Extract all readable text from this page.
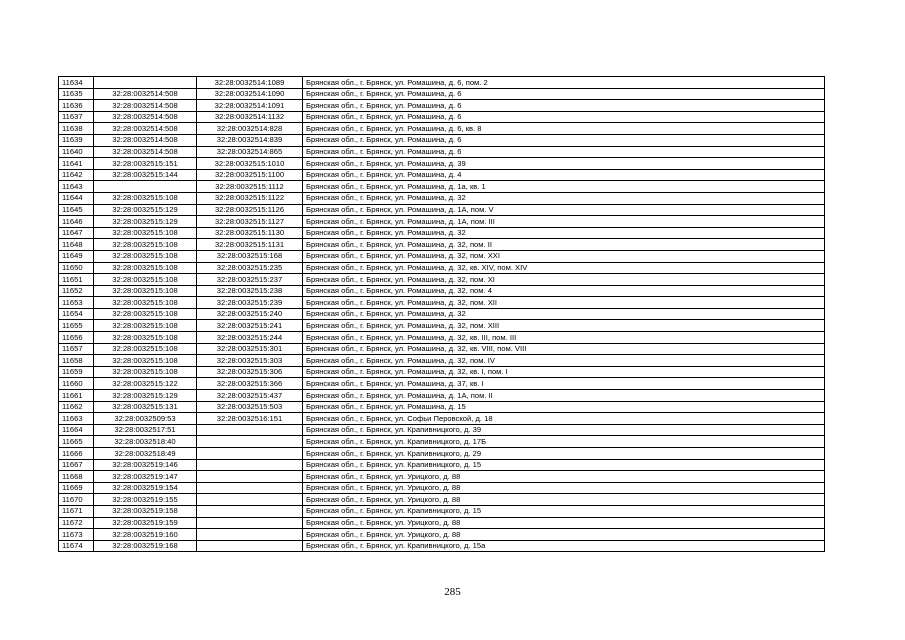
11634		32:28:0032514:1089	Брянская обл., г. Брянск, ул. Ромашина, д. 6, пом. 2
11635	32:28:0032514:508	32:28:0032514:1090	Брянская обл., г. Брянск, ул. Ромашина, д. 6
11636	32:28:0032514:508	32:28:0032514:1091	Брянская обл., г. Брянск, ул. Ромашина, д. 6
11637	32:28:0032514:508	32:28:0032514:1132	Брянская обл., г. Брянск, ул. Ромашина, д. 6
11638	32:28:0032514:508	32:28:0032514:828	Брянская обл., г. Брянск, ул. Ромашина, д. 6, кв. 8
11639	32:28:0032514:508	32:28:0032514:839	Брянская обл., г. Брянск, ул. Ромашина, д. 6
11640	32:28:0032514:508	32:28:0032514:865	Брянская обл., г. Брянск, ул. Ромашина, д. 6
11641	32:28:0032515:151	32:28:0032515:1010	Брянская обл., г. Брянск, ул. Ромашина, д. 39
11642	32:28:0032515:144	32:28:0032515:1100	Брянская обл., г. Брянск, ул. Ромашина, д. 4
11643		32:28:0032515:1112	Брянская обл., г. Брянск, ул. Ромашина, д. 1а, кв. 1
11644	32:28:0032515:108	32:28:0032515:1122	Брянская обл., г. Брянск, ул. Ромашина, д. 32
11645	32:28:0032515:129	32:28:0032515:1126	Брянская обл., г. Брянск, ул. Ромашина, д. 1А, пом. V
11646	32:28:0032515:129	32:28:0032515:1127	Брянская обл., г. Брянск, ул. Ромашина, д. 1А, пом. III
11647	32:28:0032515:108	32:28:0032515:1130	Брянская обл., г. Брянск, ул. Ромашина, д. 32
11648	32:28:0032515:108	32:28:0032515:1131	Брянская обл., г. Брянск, ул. Ромашина, д. 32, пом. II
11649	32:28:0032515:108	32:28:0032515:168	Брянская обл., г. Брянск, ул. Ромашина, д. 32, пом. XXI
11650	32:28:0032515:108	32:28:0032515:235	Брянская обл., г. Брянск, ул. Ромашина, д. 32, кв. XIV, пом. XIV
11651	32:28:0032515:108	32:28:0032515:237	Брянская обл., г. Брянск, ул. Ромашина, д. 32, пом. XI
11652	32:28:0032515:108	32:28:0032515:238	Брянская обл., г. Брянск, ул. Ромашина, д. 32, пом. 4
11653	32:28:0032515:108	32:28:0032515:239	Брянская обл., г. Брянск, ул. Ромашина, д. 32, пом. XII
11654	32:28:0032515:108	32:28:0032515:240	Брянская обл., г. Брянск, ул. Ромашина, д. 32
11655	32:28:0032515:108	32:28:0032515:241	Брянская обл., г. Брянск, ул. Ромашина, д. 32, пом. XIII
11656	32:28:0032515:108	32:28:0032515:244	Брянская обл., г. Брянск, ул. Ромашина, д. 32, кв. III, пом. III
11657	32:28:0032515:108	32:28:0032515:301	Брянская обл., г. Брянск, ул. Ромашина, д. 32, кв. VIII, пом. VIII
11658	32:28:0032515:108	32:28:0032515:303	Брянская обл., г. Брянск, ул. Ромашина, д. 32, пом. IV
11659	32:28:0032515:108	32:28:0032515:306	Брянская обл., г. Брянск, ул. Ромашина, д. 32, кв. I, пом. I
11660	32:28:0032515:122	32:28:0032515:366	Брянская обл., г. Брянск, ул. Ромашина, д. 37, кв. I
11661	32:28:0032515:129	32:28:0032515:437	Брянская обл., г. Брянск, ул. Ромашина, д. 1А, пом. II
11662	32:28:0032515:131	32:28:0032515:503	Брянская обл., г. Брянск, ул. Ромашина, д. 15
11663	32:28:0032509:53	32:28:0032516:151	Брянская обл., г. Брянск, ул. Софьи Перовской, д. 18
11664	32:28:0032517:51		Брянская обл., г. Брянск, ул. Крапивницкого, д. 39
11665	32:28:0032518:40		Брянская обл., г. Брянск, ул. Крапивницкого, д. 17Б
11666	32:28:0032518:49		Брянская обл., г. Брянск, ул. Крапивницкого, д. 29
11667	32:28:0032519:146		Брянская обл., г. Брянск, ул. Крапивницкого, д. 15
11668	32:28:0032519:147		Брянская обл., г. Брянск, ул. Урицкого, д. 88
11669	32:28:0032519:154		Брянская обл., г. Брянск, ул. Урицкого, д. 88
11670	32:28:0032519:155		Брянская обл., г. Брянск, ул. Урицкого, д. 88
11671	32:28:0032519:158		Брянская обл., г. Брянск, ул. Крапивницкого, д. 15
11672	32:28:0032519:159		Брянская обл., г. Брянск, ул. Урицкого, д. 88
11673	32:28:0032519:160		Брянская обл., г. Брянск, ул. Урицкого, д. 88
11674	32:28:0032519:168		Брянская обл., г. Брянск, ул. Крапивницкого, д. 15а
285
